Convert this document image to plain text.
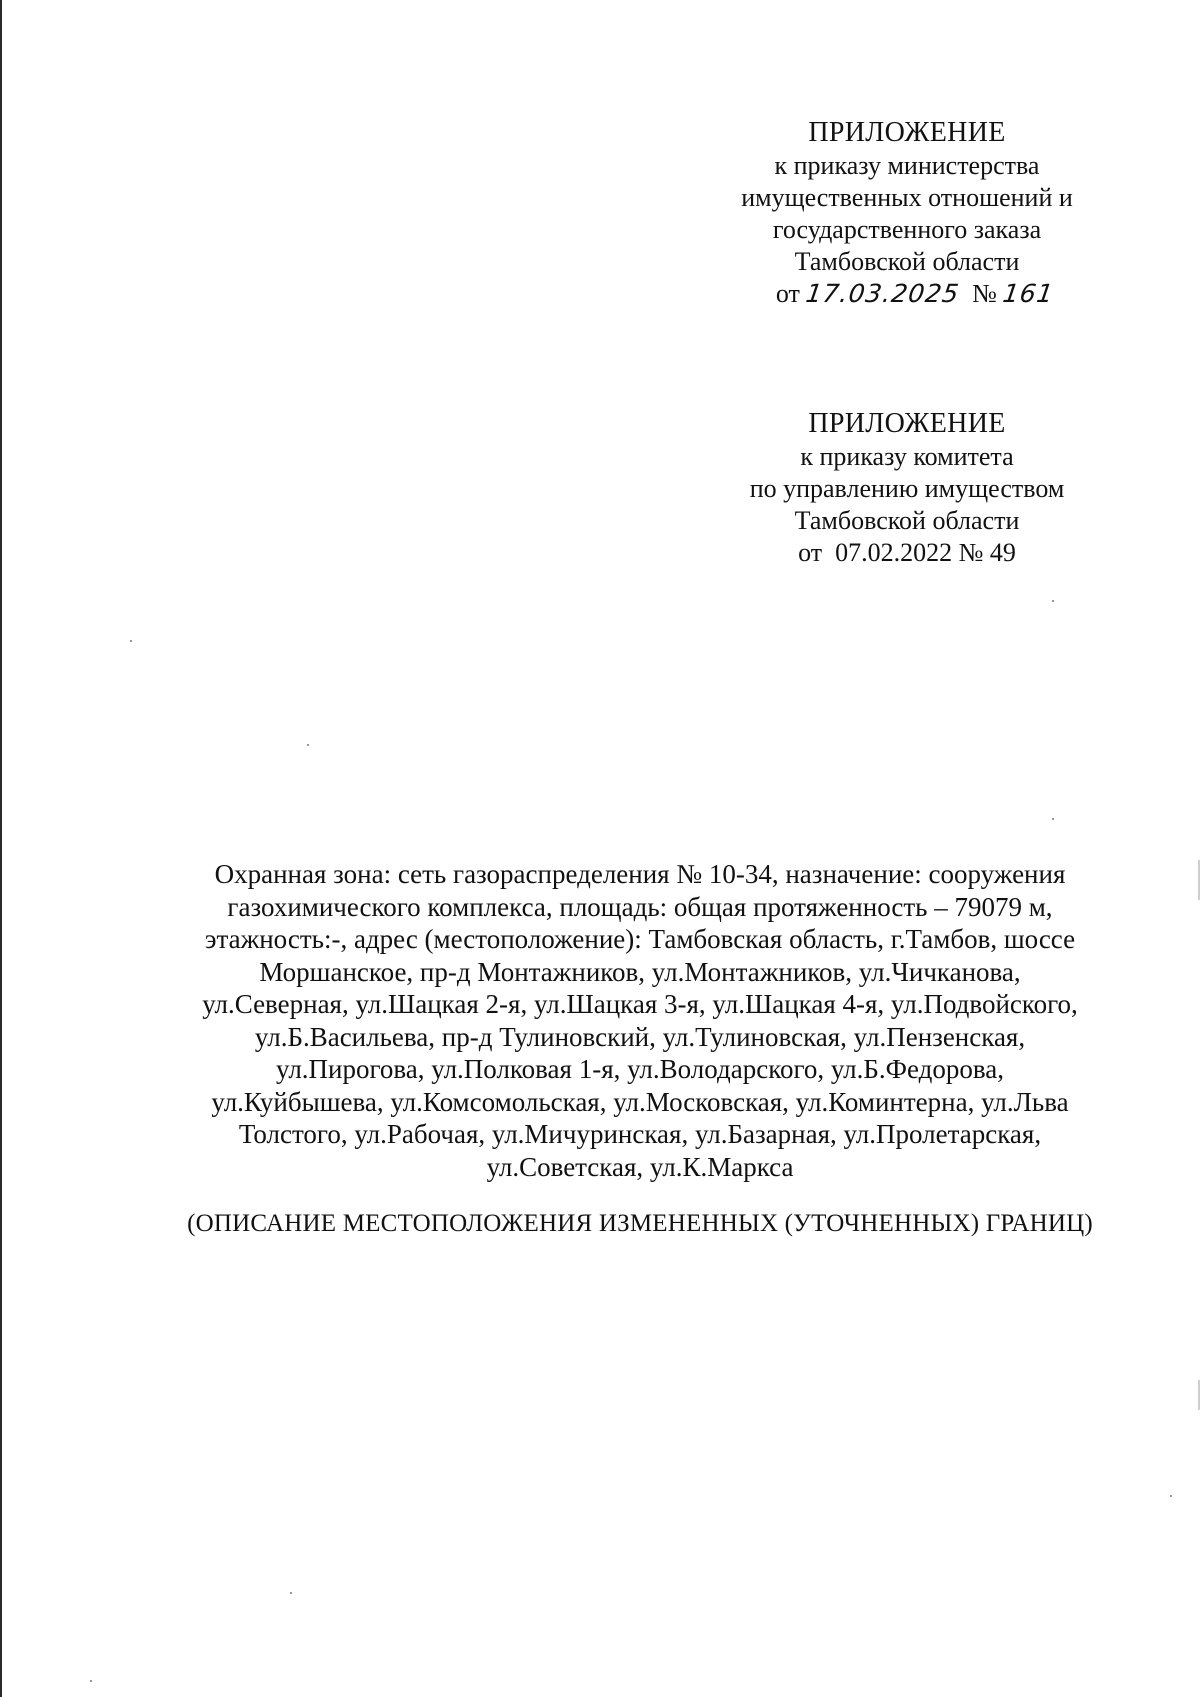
ПРИЛОЖЕНИЕ
к приказу министерства
имущественных отношений и
государственного заказа
Тамбовской области
от 17.03.2025 № 161
ПРИЛОЖЕНИЕ
к приказу комитета
по управлению имуществом
Тамбовской области
от  07.02.2022 № 49
Охранная зона: сеть газораспределения № 10-34, назначение: сооружения
газохимического комплекса, площадь: общая протяженность – 79079 м,
этажность:-, адрес (местоположение): Тамбовская область, г.Тамбов, шоссе
Моршанское, пр-д Монтажников, ул.Монтажников, ул.Чичканова,
ул.Северная, ул.Шацкая 2-я, ул.Шацкая 3-я, ул.Шацкая 4-я, ул.Подвойского,
ул.Б.Васильева, пр-д Тулиновский, ул.Тулиновская, ул.Пензенская,
ул.Пирогова, ул.Полковая 1-я, ул.Володарского, ул.Б.Федорова,
ул.Куйбышева, ул.Комсомольская, ул.Московская, ул.Коминтерна, ул.Льва
Толстого, ул.Рабочая, ул.Мичуринская, ул.Базарная, ул.Пролетарская,
ул.Советская, ул.К.Маркса
(ОПИСАНИЕ МЕСТОПОЛОЖЕНИЯ ИЗМЕНЕННЫХ (УТОЧНЕННЫХ) ГРАНИЦ)
